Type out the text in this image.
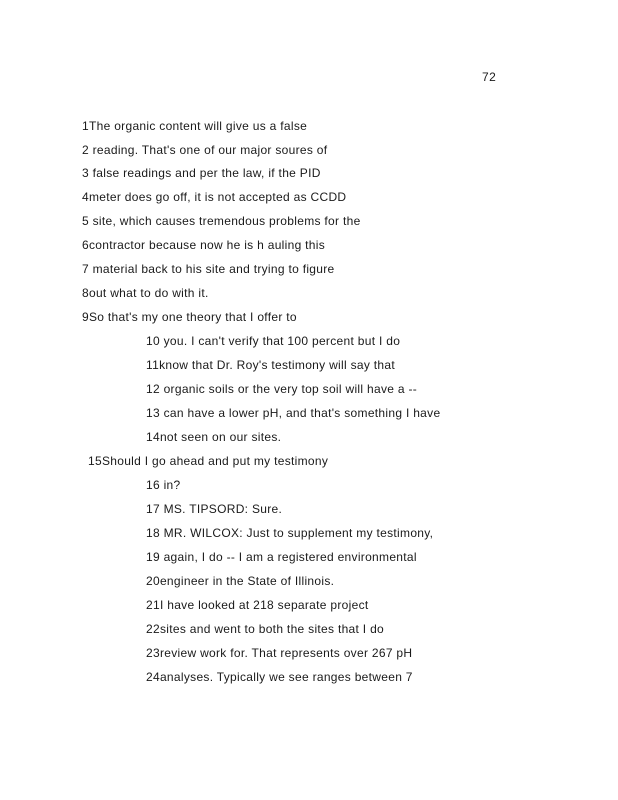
72
1The organic content will give us a false
2 reading. That's one of our major soures of
3 false readings and per the law, if the PID
4meter does go off, it is not accepted as CCDD
5 site, which causes tremendous problems for the
6contractor because now he is h auling this
7 material back to his site and trying to figure
8out what to do with it.
9So that's my one theory that I offer to
10 you. I can't verify that 100 percent but I do
11know that Dr. Roy's testimony will say that
12 organic soils or the very top soil will have a --
13 can have a lower pH, and that's something I have
14not seen on our sites.
15Should I go ahead and put my testimony
16 in?
17 MS. TIPSORD: Sure.
18 MR. WILCOX: Just to supplement my testimony,
19 again, I do -- I am a registered environmental
20engineer in the State of Illinois.
21I have looked at 218 separate project
22sites and went to both the sites that I do
23review work for. That represents over 267 pH
24analyses. Typically we see ranges between 7
